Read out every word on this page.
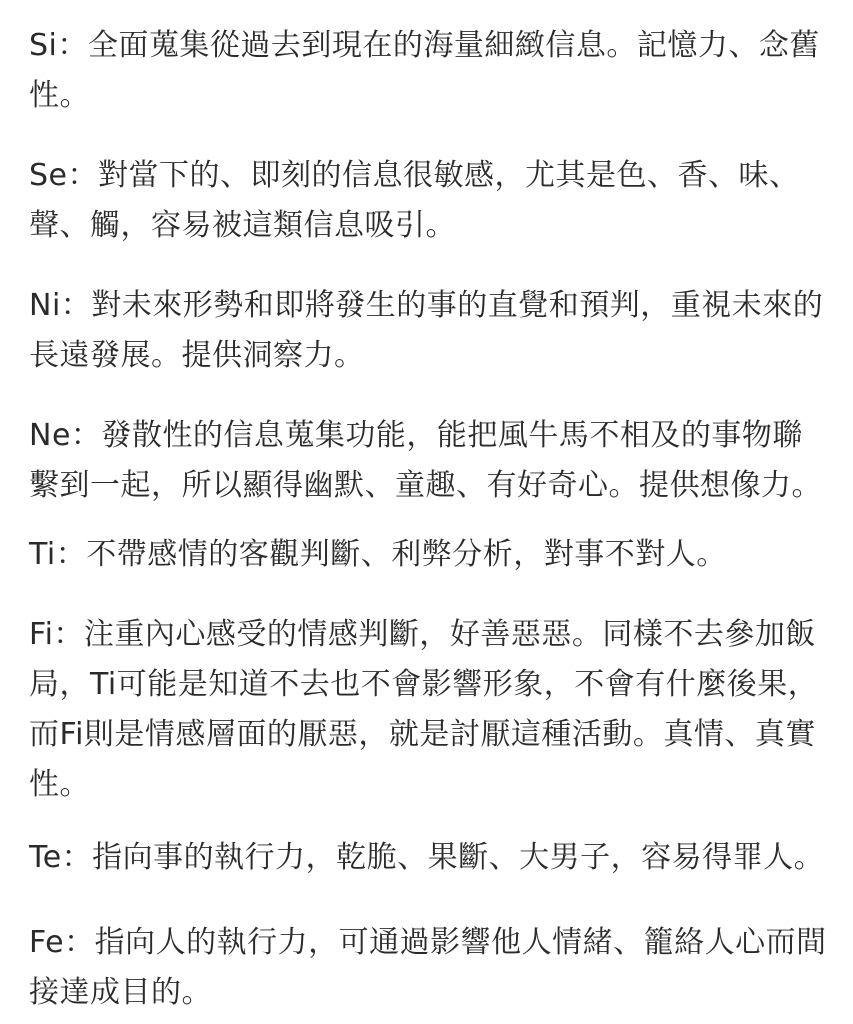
Si：全面蒐集從過去到現在的海量細緻信息。記憶力、念舊
性。

Se：對當下的、即刻的信息很敏感，尤其是色、香、味、
聲、觸，容易被這類信息吸引。

Ni：對未來形勢和即將發生的事的直覺和預判，重視未來的
長遠發展。提供洞察力。

Ne：發散性的信息蒐集功能，能把風牛馬不相及的事物聯
繫到一起，所以顯得幽默、童趣、有好奇心。提供想像力。

Ti：不帶感情的客觀判斷、利弊分析，對事不對人。

Fi：注重內心感受的情感判斷，好善惡惡。同樣不去參加飯
局，Ti可能是知道不去也不會影響形象，不會有什麼後果，
而Fi則是情感層面的厭惡，就是討厭這種活動。真情、真實
性。

Te：指向事的執行力，乾脆、果斷、大男子，容易得罪人。

Fe：指向人的執行力，可通過影響他人情緒、籠絡人心而間
接達成目的。
